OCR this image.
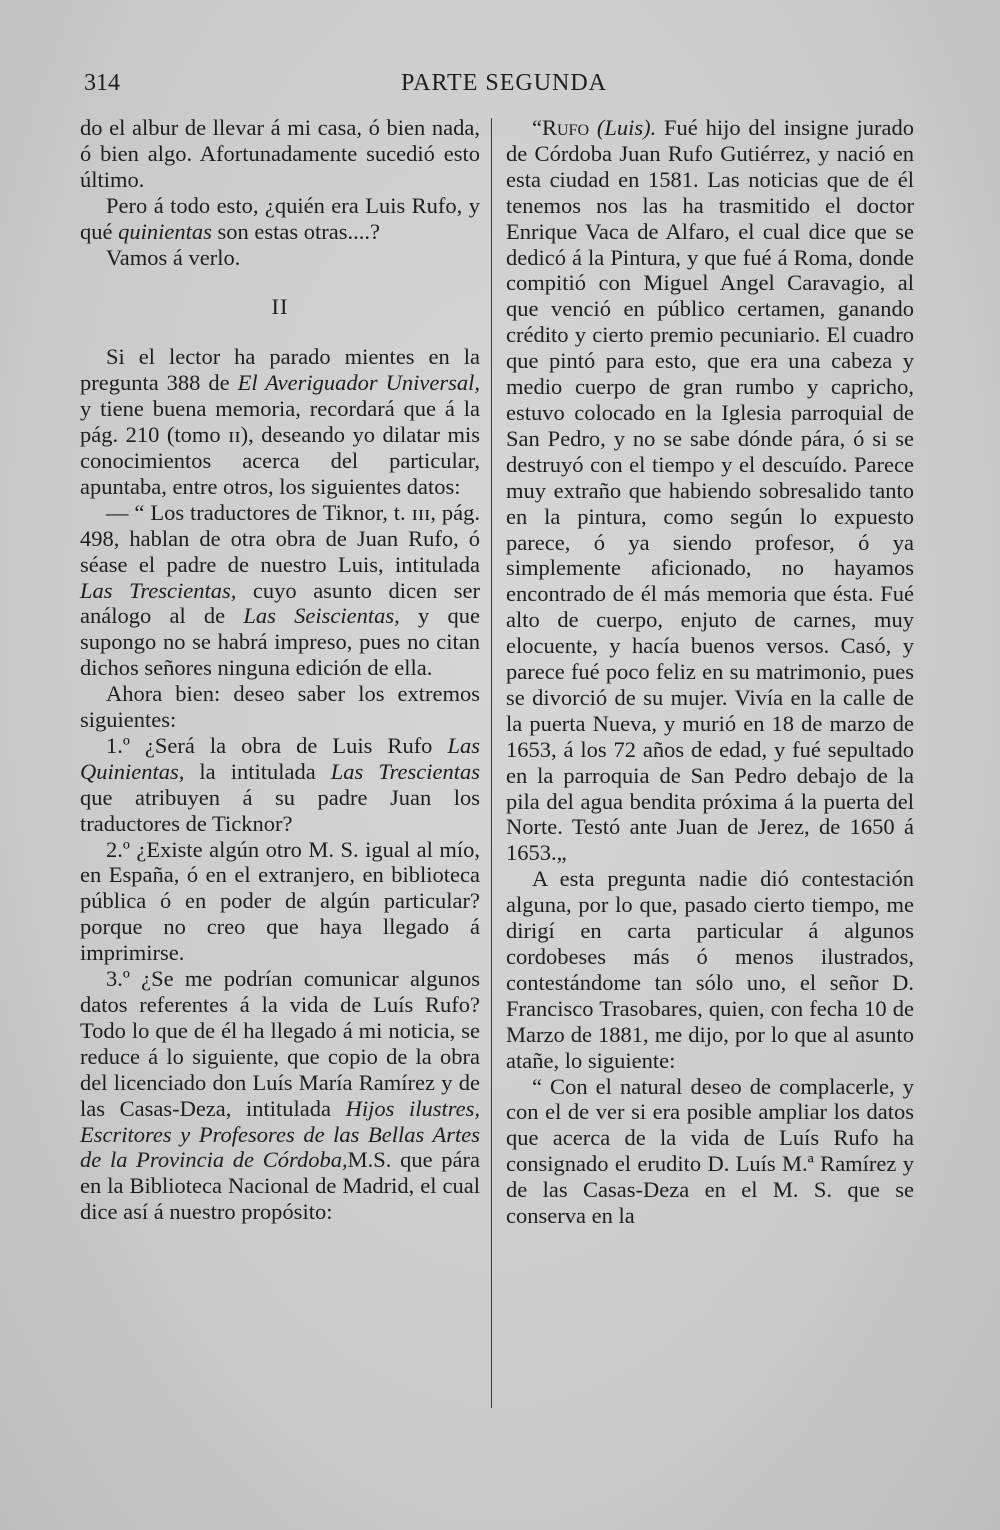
314	PARTE SEGUNDA

do el albur de llevar á mi casa, ó bien nada, ó bien algo. Afortunadamente sucedió esto último.

Pero á todo esto, ¿quién era Luis Rufo, y qué quinientas son estas otras....?

Vamos á verlo.

II

Si el lector ha parado mientes en la pregunta 388 de El Averiguador Universal, y tiene buena memoria, recordará que á la pág. 210 (tomo ɪɪ), deseando yo dilatar mis conocimientos acerca del particular, apuntaba, entre otros, los siguientes datos:

— “ Los traductores de Tiknor, t. ɪɪɪ, pág. 498, hablan de otra obra de Juan Rufo, ó séase el padre de nuestro Luis, intitulada Las Trescientas, cuyo asunto dicen ser análogo al de Las Seiscientas, y que supongo no se habrá impreso, pues no citan dichos señores ninguna edición de ella.

Ahora bien: deseo saber los extremos siguientes:

1.º ¿Será la obra de Luis Rufo Las Quinientas, la intitulada Las Trescientas que atribuyen á su padre Juan los traductores de Ticknor?

2.º ¿Existe algún otro M. S. igual al mío, en España, ó en el extranjero, en biblioteca pública ó en poder de algún particular? porque no creo que haya llegado á imprimirse.

3.º ¿Se me podrían comunicar algunos datos referentes á la vida de Luís Rufo? Todo lo que de él ha llegado á mi noticia, se reduce á lo siguiente, que copio de la obra del licenciado don Luís María Ramírez y de las Casas-Deza, intitulada Hijos ilustres, Escritores y Profesores de las Bellas Artes de la Provincia de Córdoba,M.S. que pára en la Biblioteca Nacional de Madrid, el cual dice así á nuestro propósito:

“Rufo (Luis). Fué hijo del insigne jurado de Córdoba Juan Rufo Gutiérrez, y nació en esta ciudad en 1581. Las noticias que de él tenemos nos las ha trasmitido el doctor Enrique Vaca de Alfaro, el cual dice que se dedicó á la Pintura, y que fué á Roma, donde compitió con Miguel Angel Caravagio, al que venció en público certamen, ganando crédito y cierto premio pecuniario. El cuadro que pintó para esto, que era una cabeza y medio cuerpo de gran rumbo y capricho, estuvo colocado en la Iglesia parroquial de San Pedro, y no se sabe dónde pára, ó si se destruyó con el tiempo y el descuído. Parece muy extraño que habiendo sobresalido tanto en la pintura, como según lo expuesto parece, ó ya siendo profesor, ó ya simplemente aficionado, no hayamos encontrado de él más memoria que ésta. Fué alto de cuerpo, enjuto de carnes, muy elocuente, y hacía buenos versos. Casó, y parece fué poco feliz en su matrimonio, pues se divorció de su mujer. Vivía en la calle de la puerta Nueva, y murió en 18 de marzo de 1653, á los 72 años de edad, y fué sepultado en la parroquia de San Pedro debajo de la pila del agua bendita próxima á la puerta del Norte. Testó ante Juan de Jerez, de 1650 á 1653.„

A esta pregunta nadie dió contestación alguna, por lo que, pasado cierto tiempo, me dirigí en carta particular á algunos cordobeses más ó menos ilustrados, contestándome tan sólo uno, el señor D. Francisco Trasobares, quien, con fecha 10 de Marzo de 1881, me dijo, por lo que al asunto atañe, lo siguiente:

“ Con el natural deseo de complacerle, y con el de ver si era posible ampliar los datos que acerca de la vida de Luís Rufo ha consignado el erudito D. Luís M.ª Ramírez y de las Casas-Deza en el M. S. que se conserva en la
